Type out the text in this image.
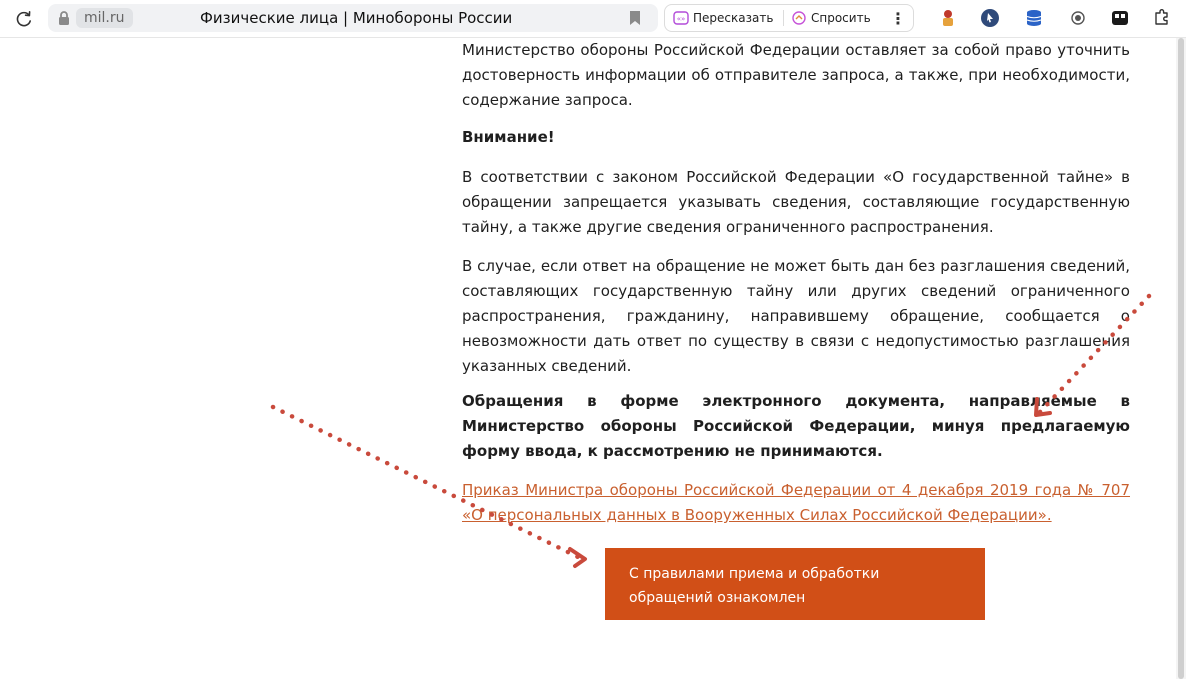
mil.ru	Физические лица | Минобороны России	«» Пересказать	Спросить ⋮

Министерство обороны Российской Федерации оставляет за собой право уточнить достоверность информации об отправителе запроса, а также, при необходимости, содержание запроса.

Внимание!

В соответствии с законом Российской Федерации «О государственной тайне» в обращении запрещается указывать сведения, составляющие государственную тайну, а также другие сведения ограниченного распространения.

В случае, если ответ на обращение не может быть дан без разглашения сведений, составляющих государственную тайну или других сведений ограниченного распространения, гражданину, направившему обращение, сообщается о невозможности дать ответ по существу в связи с недопустимостью разглашения указанных сведений.

Обращения в форме электронного документа, направляемые в Министерство обороны Российской Федерации, минуя предлагаемую форму ввода, к рассмотрению не принимаются.

Приказ Министра обороны Российской Федерации от 4 декабря 2019 года № 707 «О персональных данных в Вооруженных Силах Российской Федерации».

С правилами приема и обработки
обращений ознакомлен
